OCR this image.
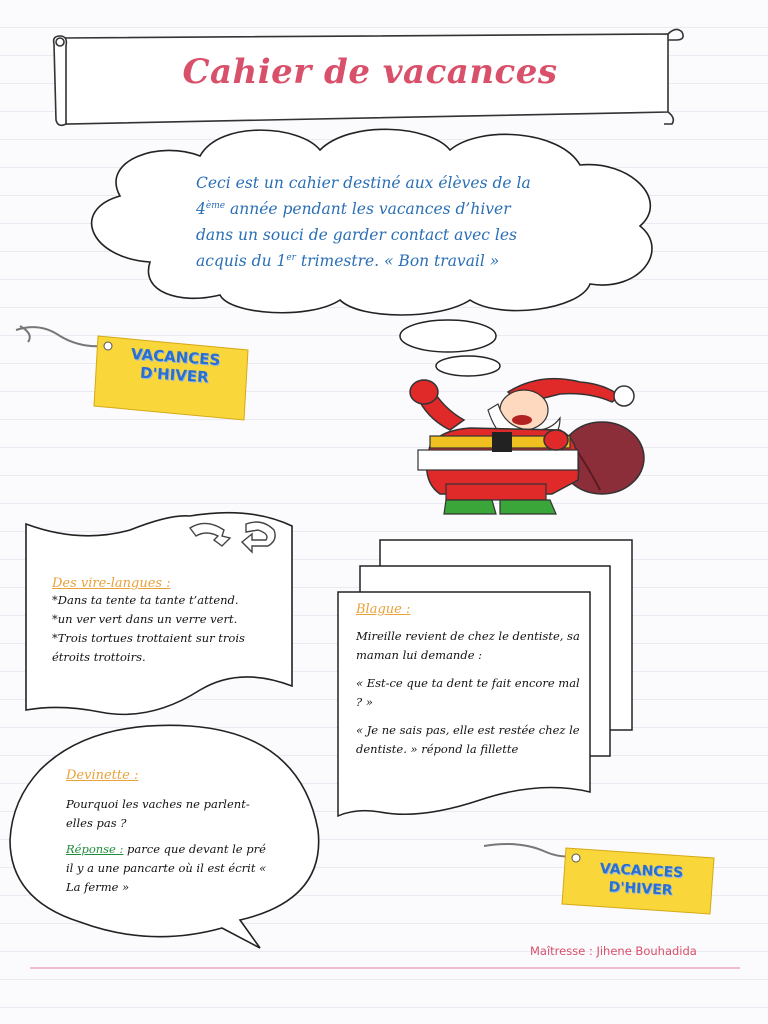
Cahier de vacances
Ceci est un cahier destiné aux élèves de la
4ème année pendant les vacances d’hiver
dans un souci de garder contact avec les
acquis du 1er trimestre. « Bon travail »
VACANCES
D'HIVER
VACANCES
D'HIVER
Des vire-langues :
*Dans ta tente ta tante t’attend.
*un ver vert dans un verre vert.
*Trois tortues trottaient sur trois étroits trottoirs.
Blague :

Mireille revient de chez le dentiste, sa maman lui demande :

« Est-ce que ta dent te fait encore mal ? »

« Je ne sais pas, elle est restée chez le dentiste. » répond la fillette

Devinette :

Pourquoi les vaches ne parlent-elles pas ?

Réponse : parce que devant le pré il y a une pancarte où il est écrit « La ferme »

Maîtresse : Jihene Bouhadida
